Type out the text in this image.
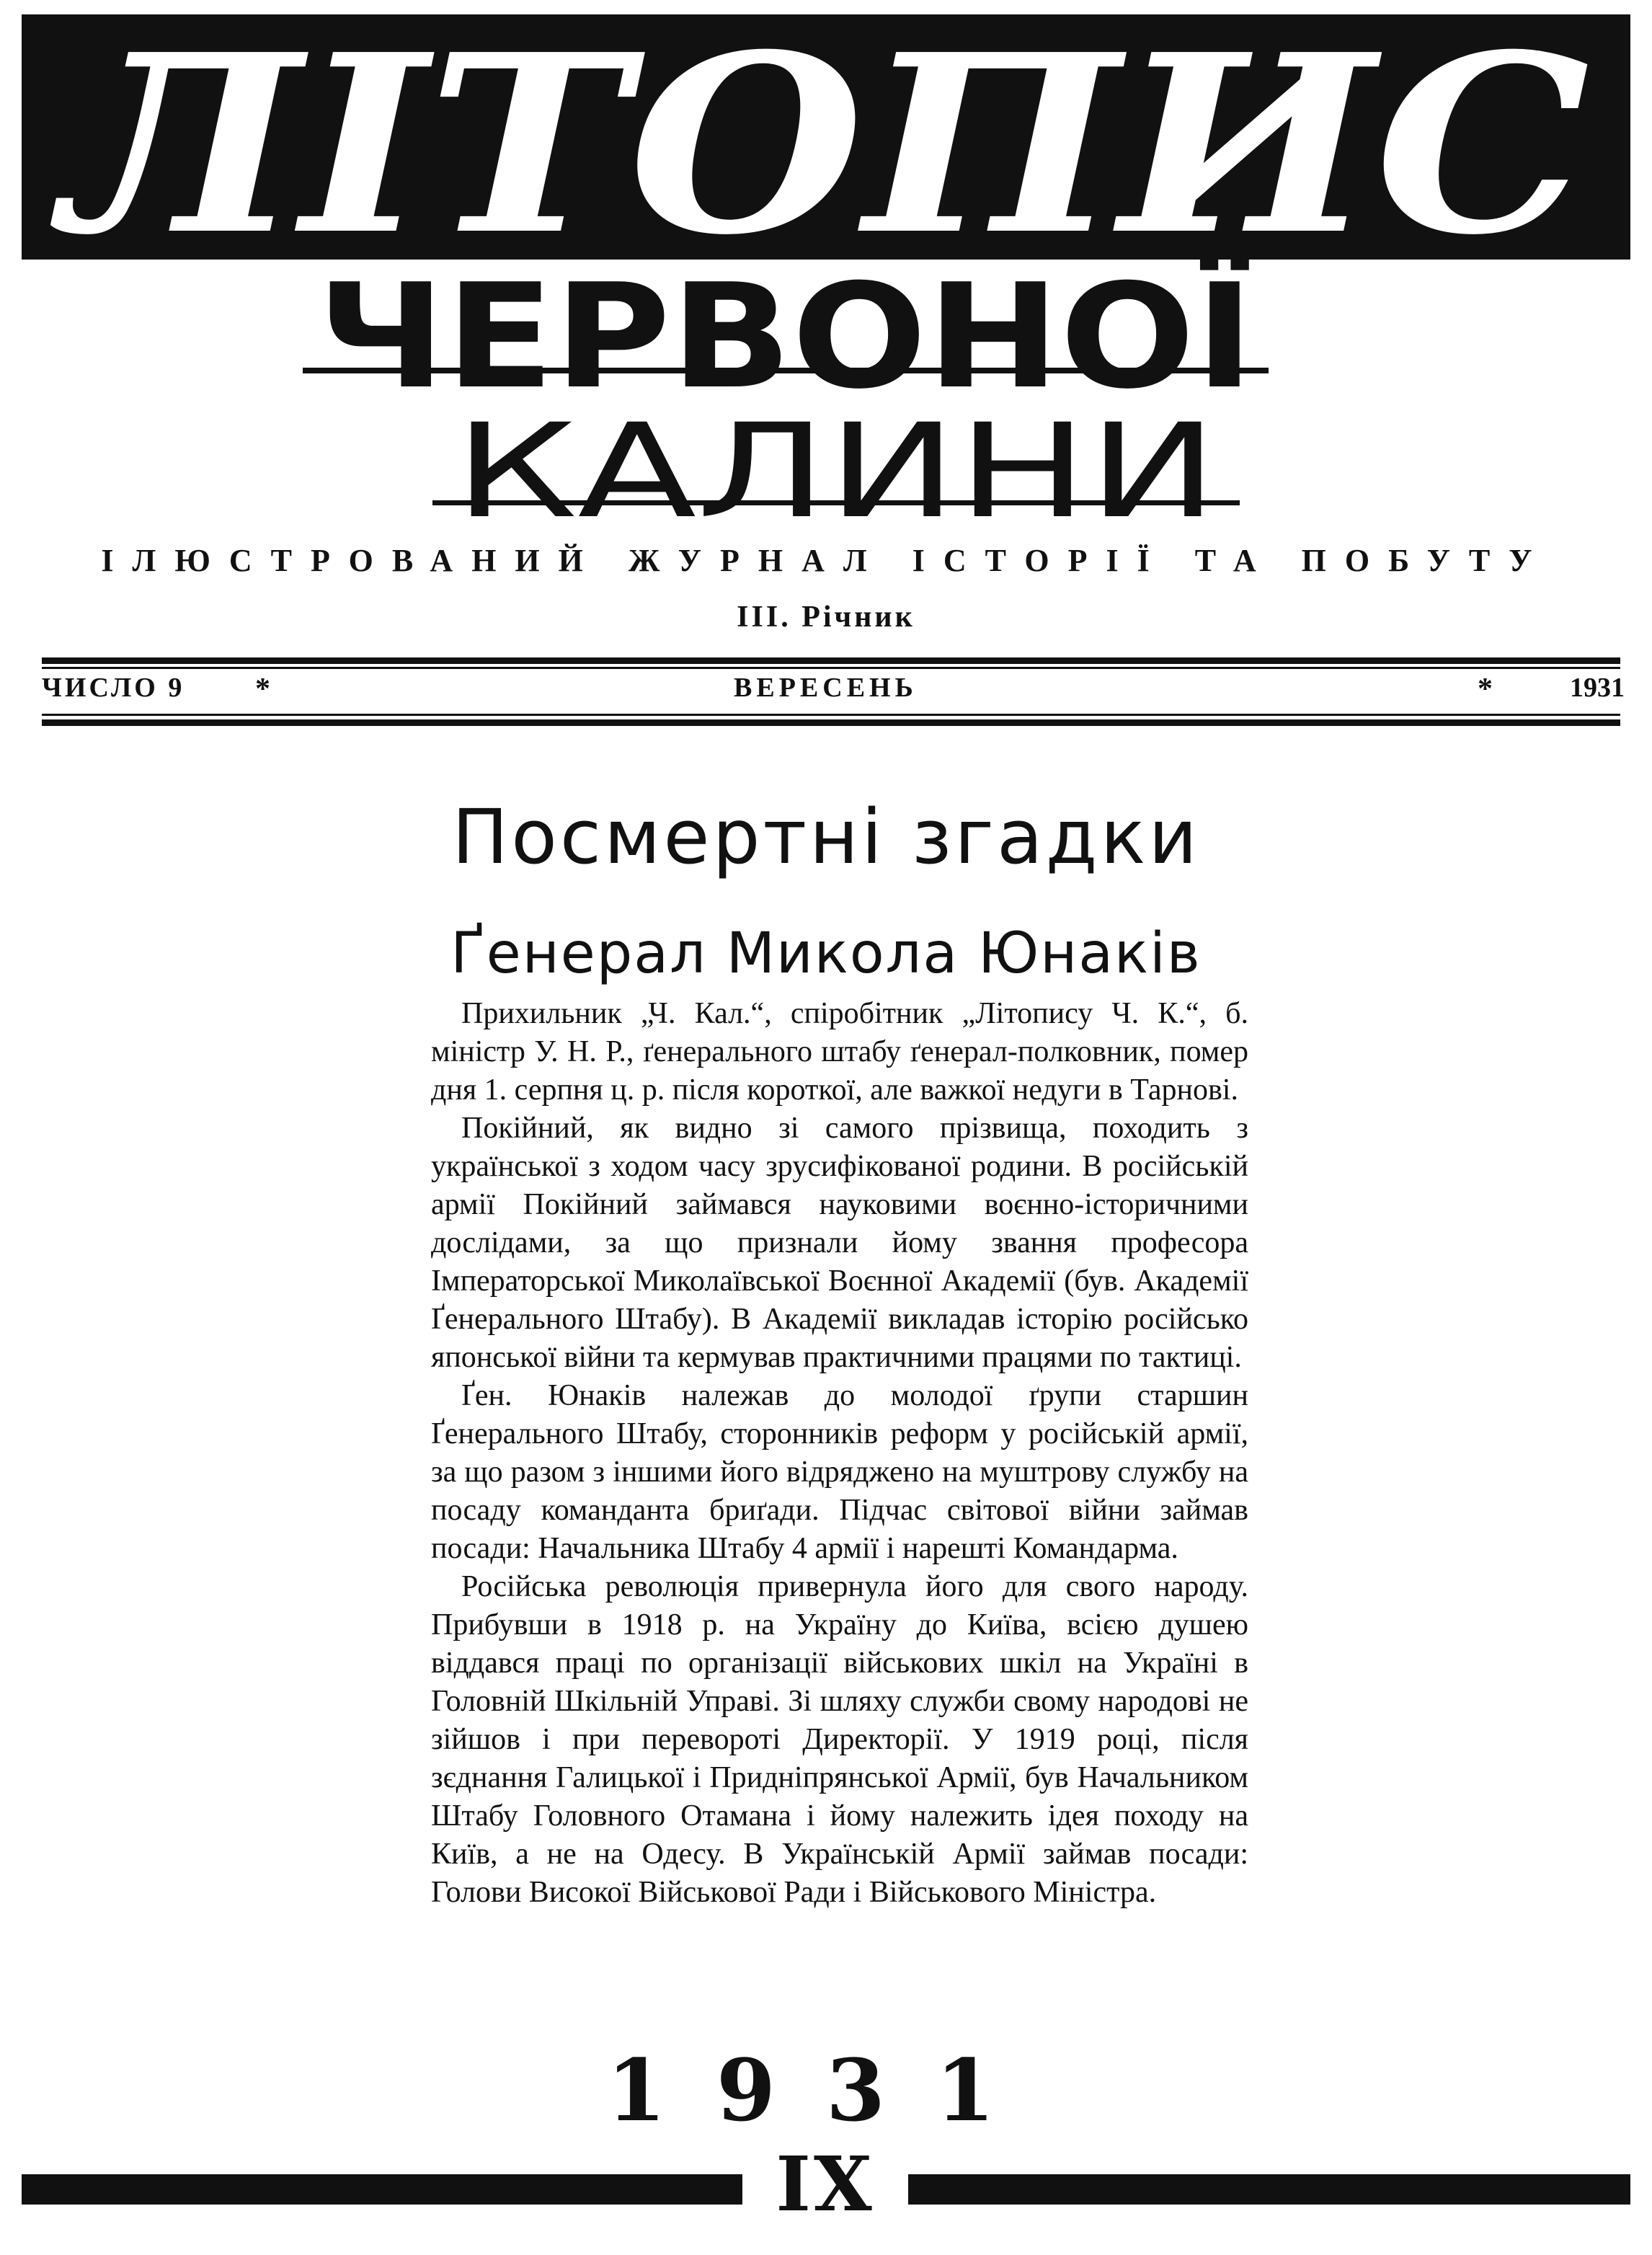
ЛІТОПИС
ЧЕРВОНОЇ
КАЛИНИ
ІЛЮСТРОВАНИЙ ЖУРНАЛ ІСТОРІЇ ТА ПОБУТУ
III. Річник
ЧИСЛО 9 *	ВЕРЕСЕНЬ	*	1931
Посмертні згадки
Ґенерал Микола Юнаків

Прихильник „Ч. Кал.“, спіробітник „Літопису Ч. К.“, б. міністр У. Н. Р., ґенерального штабу ґенерал-полковник, помер дня 1. серпня ц. р. після короткої, але важкої недуги в Тарнові.

Покійний, як видно зі самого прізвища, походить з української з ходом часу зрусифікованої родини. В російській армії Покійний займався науковими воєнно-історичними дослідами, за що признали йому звання професора Імператорської Миколаївської Воєнної Академії (був. Академії Ґенерального Штабу). В Академії викладав історію російсько японської війни та кермував практичними працями по тактиці.

Ґен. Юнаків належав до молодої ґрупи старшин Ґенерального Штабу, сторонників реформ у російській армії, за що разом з іншими його відряджено на муштрову службу на посаду команданта бриґади. Підчас світової війни займав посади: Начальника Штабу 4 армії і нарешті Командарма.

Російська революція привернула його для свого народу. Прибувши в 1918 р. на Україну до Київа, всією душею віддався праці по організації військових шкіл на Україні в Головній Шкільній Управі. Зі шляху служби свому народові не зійшов і при перевороті Директорії. У 1919 році, після зєднання Галицької і Придніпрянської Армії, був Начальником Штабу Головного Отамана і йому належить ідея походу на Київ, а не на Одесу. В Українській Армії займав посади: Голови Високої Військової Ради і Військового Міністра.

1931
IX
